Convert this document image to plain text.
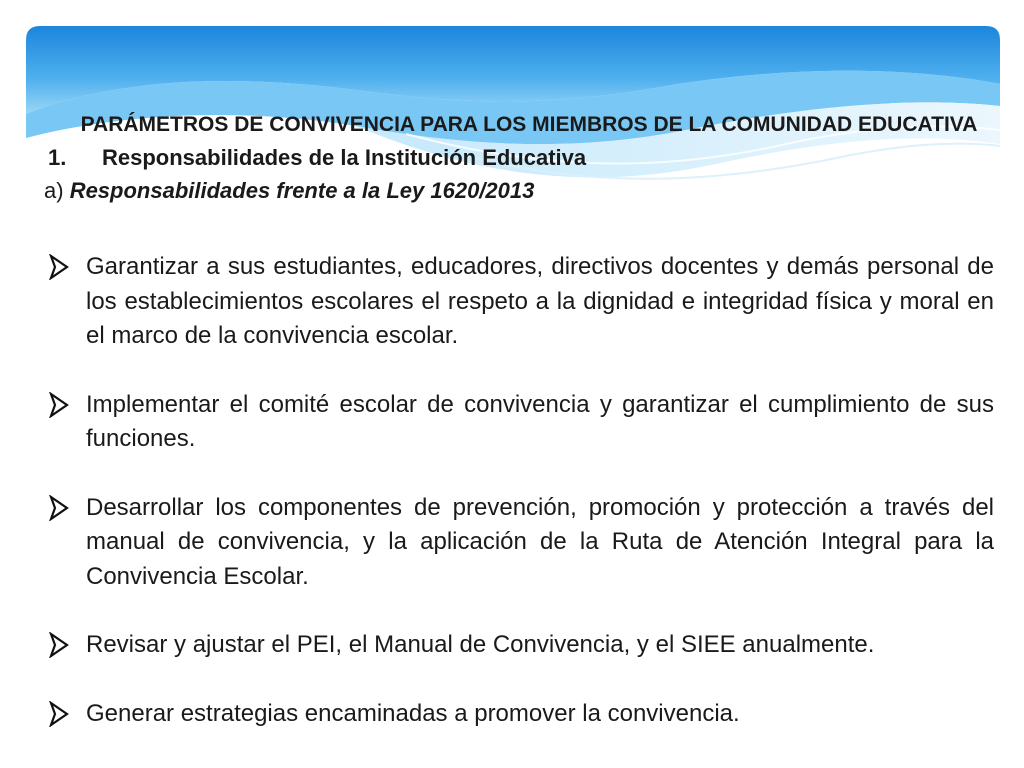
PARÁMETROS DE CONVIVENCIA PARA LOS MIEMBROS DE LA COMUNIDAD EDUCATIVA

1.	Responsabilidades de la Institución Educativa

a) Responsabilidades frente a la Ley 1620/2013

Garantizar a sus estudiantes, educadores, directivos docentes y demás personal de los establecimientos escolares el respeto a la dignidad e integridad física y moral en el marco de la convivencia escolar.
Implementar el comité escolar de convivencia y garantizar el cumplimiento de sus funciones.
Desarrollar los componentes de prevención, promoción y protección a través del manual de convivencia, y la aplicación de la Ruta de Atención Integral para la Convivencia Escolar.
Revisar y ajustar el PEI, el Manual de Convivencia, y el SIEE anualmente.
Generar estrategias encaminadas a promover la convivencia.
